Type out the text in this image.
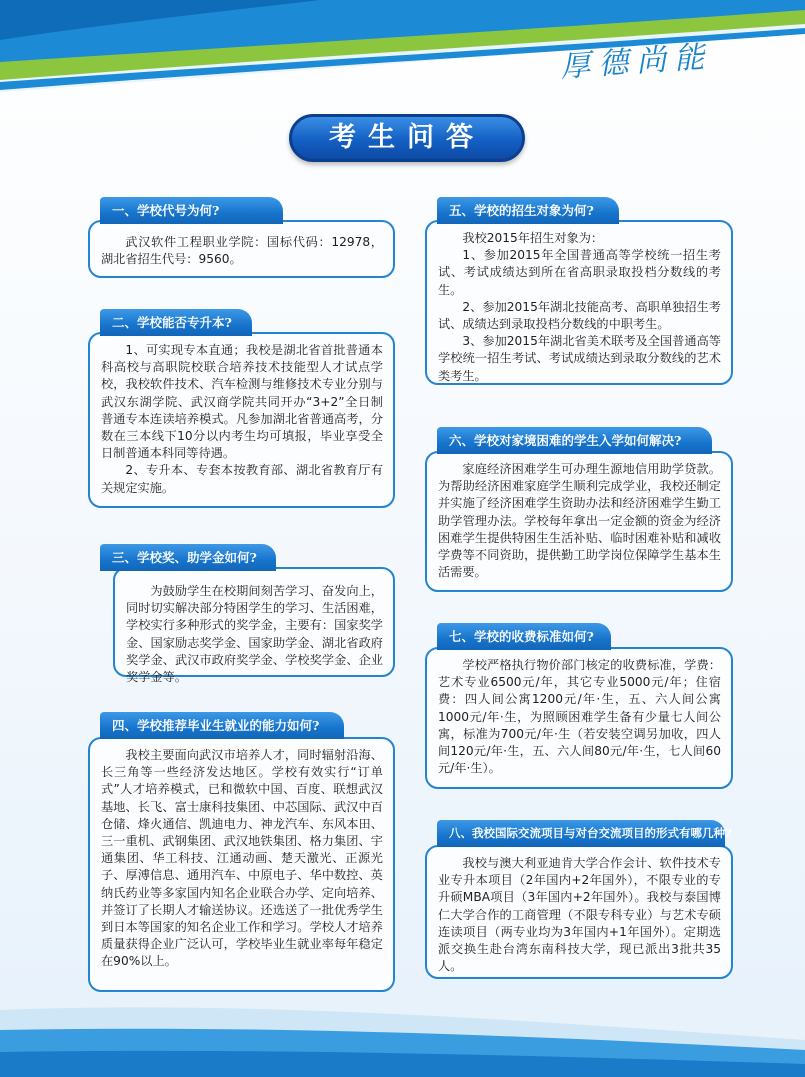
厚德尚能
考生问答

武汉软件工程职业学院：国标代码：12978，湖北省招生代号：9560。

一、学校代号为何?

1、可实现专本直通；我校是湖北省首批普通本科高校与高职院校联合培养技术技能型人才试点学校，我校软件技术、汽车检测与维修技术专业分别与武汉东湖学院、武汉商学院共同开办“3+2”全日制普通专本连读培养模式。凡参加湖北省普通高考，分数在三本线下10分以内考生均可填报，毕业享受全日制普通本科同等待遇。

2、专升本、专套本按教育部、湖北省教育厅有关规定实施。

二、学校能否专升本?

为鼓励学生在校期间刻苦学习、奋发向上，同时切实解决部分特困学生的学习、生活困难，学校实行多种形式的奖学金，主要有：国家奖学金、国家励志奖学金、国家助学金、湖北省政府奖学金、武汉市政府奖学金、学校奖学金、企业奖学金等。

三、学校奖、助学金如何?

我校主要面向武汉市培养人才，同时辐射沿海、长三角等一些经济发达地区。学校有效实行“订单式”人才培养模式，已和微软中国、百度、联想武汉基地、长飞、富士康科技集团、中芯国际、武汉中百仓储、烽火通信、凯迪电力、神龙汽车、东风本田、三一重机、武钢集团、武汉地铁集团、格力集团、宇通集团、华工科技、江通动画、楚天激光、正源光子、厚溥信息、通用汽车、中原电子、华中数控、英纳氏药业等多家国内知名企业联合办学、定向培养、并签订了长期人才输送协议。还选送了一批优秀学生到日本等国家的知名企业工作和学习。学校人才培养质量获得企业广泛认可，学校毕业生就业率每年稳定在90%以上。

四、学校推荐毕业生就业的能力如何?

我校2015年招生对象为：

1、参加2015年全国普通高等学校统一招生考试、考试成绩达到所在省高职录取投档分数线的考生。

2、参加2015年湖北技能高考、高职单独招生考试、成绩达到录取投档分数线的中职考生。

3、参加2015年湖北省美术联考及全国普通高等学校统一招生考试、考试成绩达到录取分数线的艺术类考生。

五、学校的招生对象为何?

家庭经济困难学生可办理生源地信用助学贷款。为帮助经济困难家庭学生顺利完成学业，我校还制定并实施了经济困难学生资助办法和经济困难学生勤工助学管理办法。学校每年拿出一定金额的资金为经济困难学生提供特困生生活补贴、临时困难补贴和减收学费等不同资助，提供勤工助学岗位保障学生基本生活需要。

六、学校对家境困难的学生入学如何解决?

学校严格执行物价部门核定的收费标准，学费：艺术专业6500元/年，其它专业5000元/年；住宿费：四人间公寓1200元/年·生，五、六人间公寓1000元/年·生，为照顾困难学生备有少量七人间公寓，标准为700元/年·生（若安装空调另加收，四人间120元/年·生，五、六人间80元/年·生，七人间60元/年·生）。

七、学校的收费标准如何?

我校与澳大利亚迪肯大学合作会计、软件技术专业专升本项目（2年国内+2年国外），不限专业的专升硕MBA项目（3年国内+2年国外）。我校与泰国博仁大学合作的工商管理（不限专科专业）与艺术专硕连读项目（两专业均为3年国内+1年国外）。定期选派交换生赴台湾东南科技大学，现已派出3批共35人。

八、我校国际交流项目与对台交流项目的形式有哪几种?
